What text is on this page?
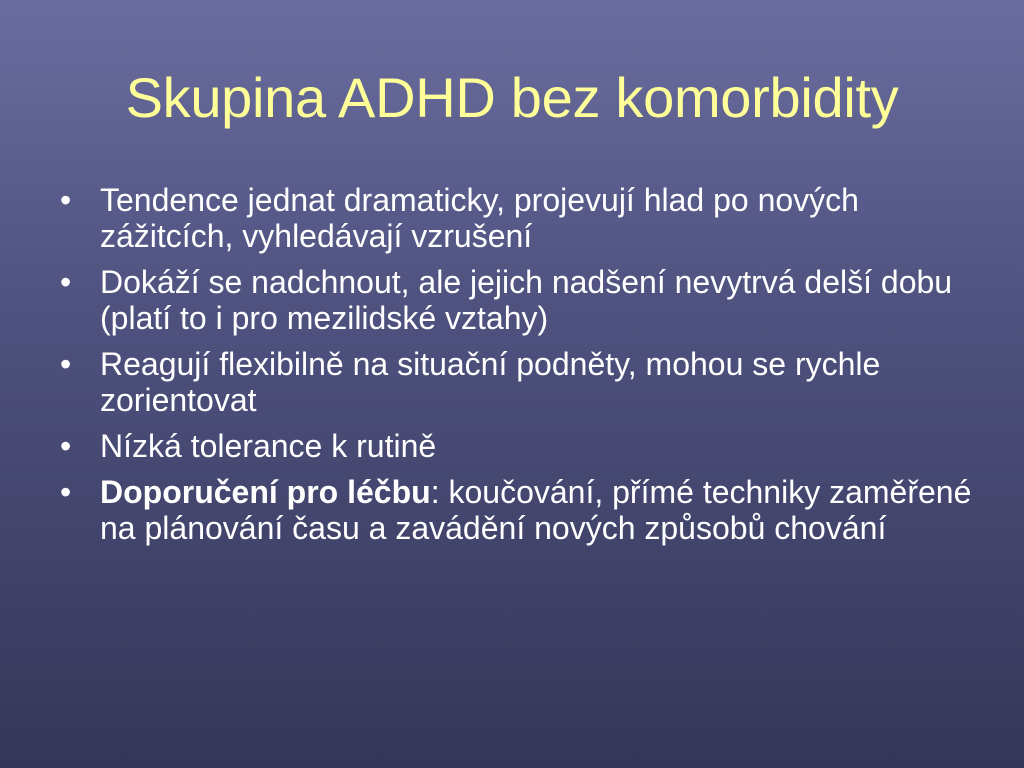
Skupina ADHD bez komorbidity
• Tendence jednat dramaticky, projevují hlad po nových zážitcích, vyhledávají vzrušení
• Dokáží se nadchnout, ale jejich nadšení nevytrvá delší dobu (platí to i pro mezilidské vztahy)
• Reagují flexibilně na situační podněty, mohou se rychle zorientovat
• Nízká tolerance k rutině
• Doporučení pro léčbu: koučování, přímé techniky zaměřené na plánování času a zavádění nových způsobů chování
